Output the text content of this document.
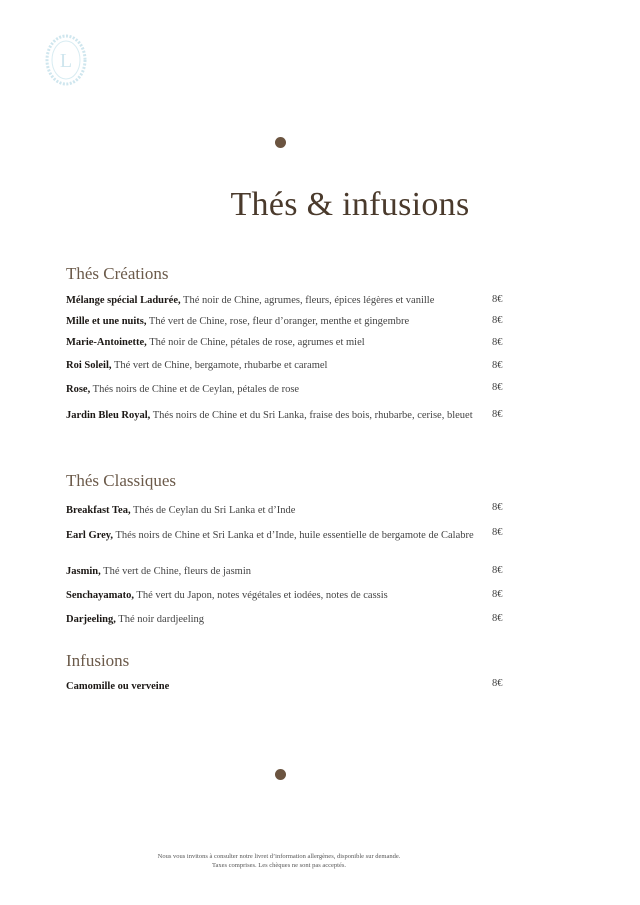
L
Thés & infusions
Thés Créations
Mélange spécial Ladurée, Thé noir de Chine, agrumes, fleurs, épices légères et vanille	8€
Mille et une nuits, Thé vert de Chine, rose, fleur d’oranger, menthe et gingembre	8€
Marie-Antoinette, Thé noir de Chine, pétales de rose, agrumes et miel	8€
Roi Soleil, Thé vert de Chine, bergamote, rhubarbe et caramel	8€
Rose, Thés noirs de Chine et de Ceylan, pétales de rose	8€
Jardin Bleu Royal, Thés noirs de Chine et du Sri Lanka, fraise des bois, rhubarbe, cerise, bleuet	8€
Thés Classiques
Breakfast Tea, Thés de Ceylan du Sri Lanka et d’Inde	8€
Earl Grey, Thés noirs de Chine et Sri Lanka et d’Inde, huile essentielle de bergamote de Calabre 8€
Jasmin, Thé vert de Chine, fleurs de jasmin	8€
Senchayamato, Thé vert du Japon, notes végétales et iodées, notes de cassis	8€
Darjeeling, Thé noir dardjeeling	8€
Infusions
Camomille ou verveine	8€
Nous vous invitons à consulter notre livret d’information allergènes, disponible sur demande.
Taxes comprises. Les chèques ne sont pas acceptés.
